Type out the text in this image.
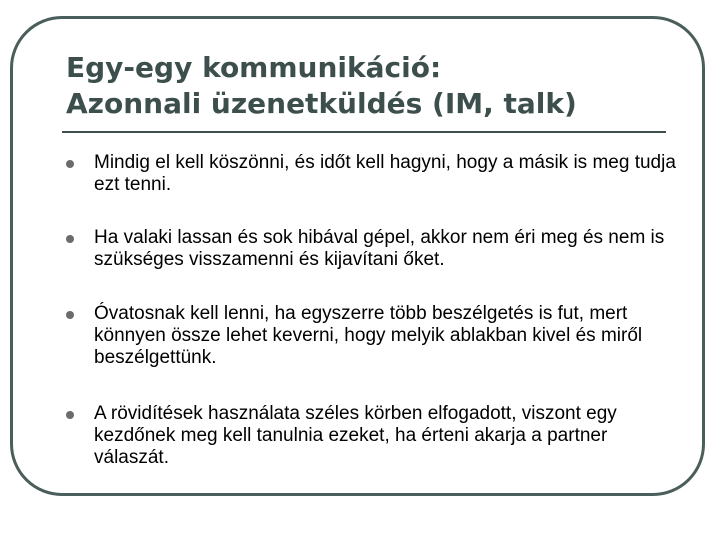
Egy-egy kommunikáció:
Azonnali üzenetküldés (IM, talk)
Mindig el kell köszönni, és időt kell hagyni, hogy a másik is meg tudja ezt tenni.
Ha valaki lassan és sok hibával gépel, akkor nem éri meg és nem is szükséges visszamenni és kijavítani őket.
Óvatosnak kell lenni, ha egyszerre több beszélgetés is fut, mert könnyen össze lehet keverni, hogy melyik ablakban kivel és miről beszélgettünk.
A rövidítések használata széles körben elfogadott, viszont egy kezdőnek meg kell tanulnia ezeket, ha érteni akarja a partner válaszát.
